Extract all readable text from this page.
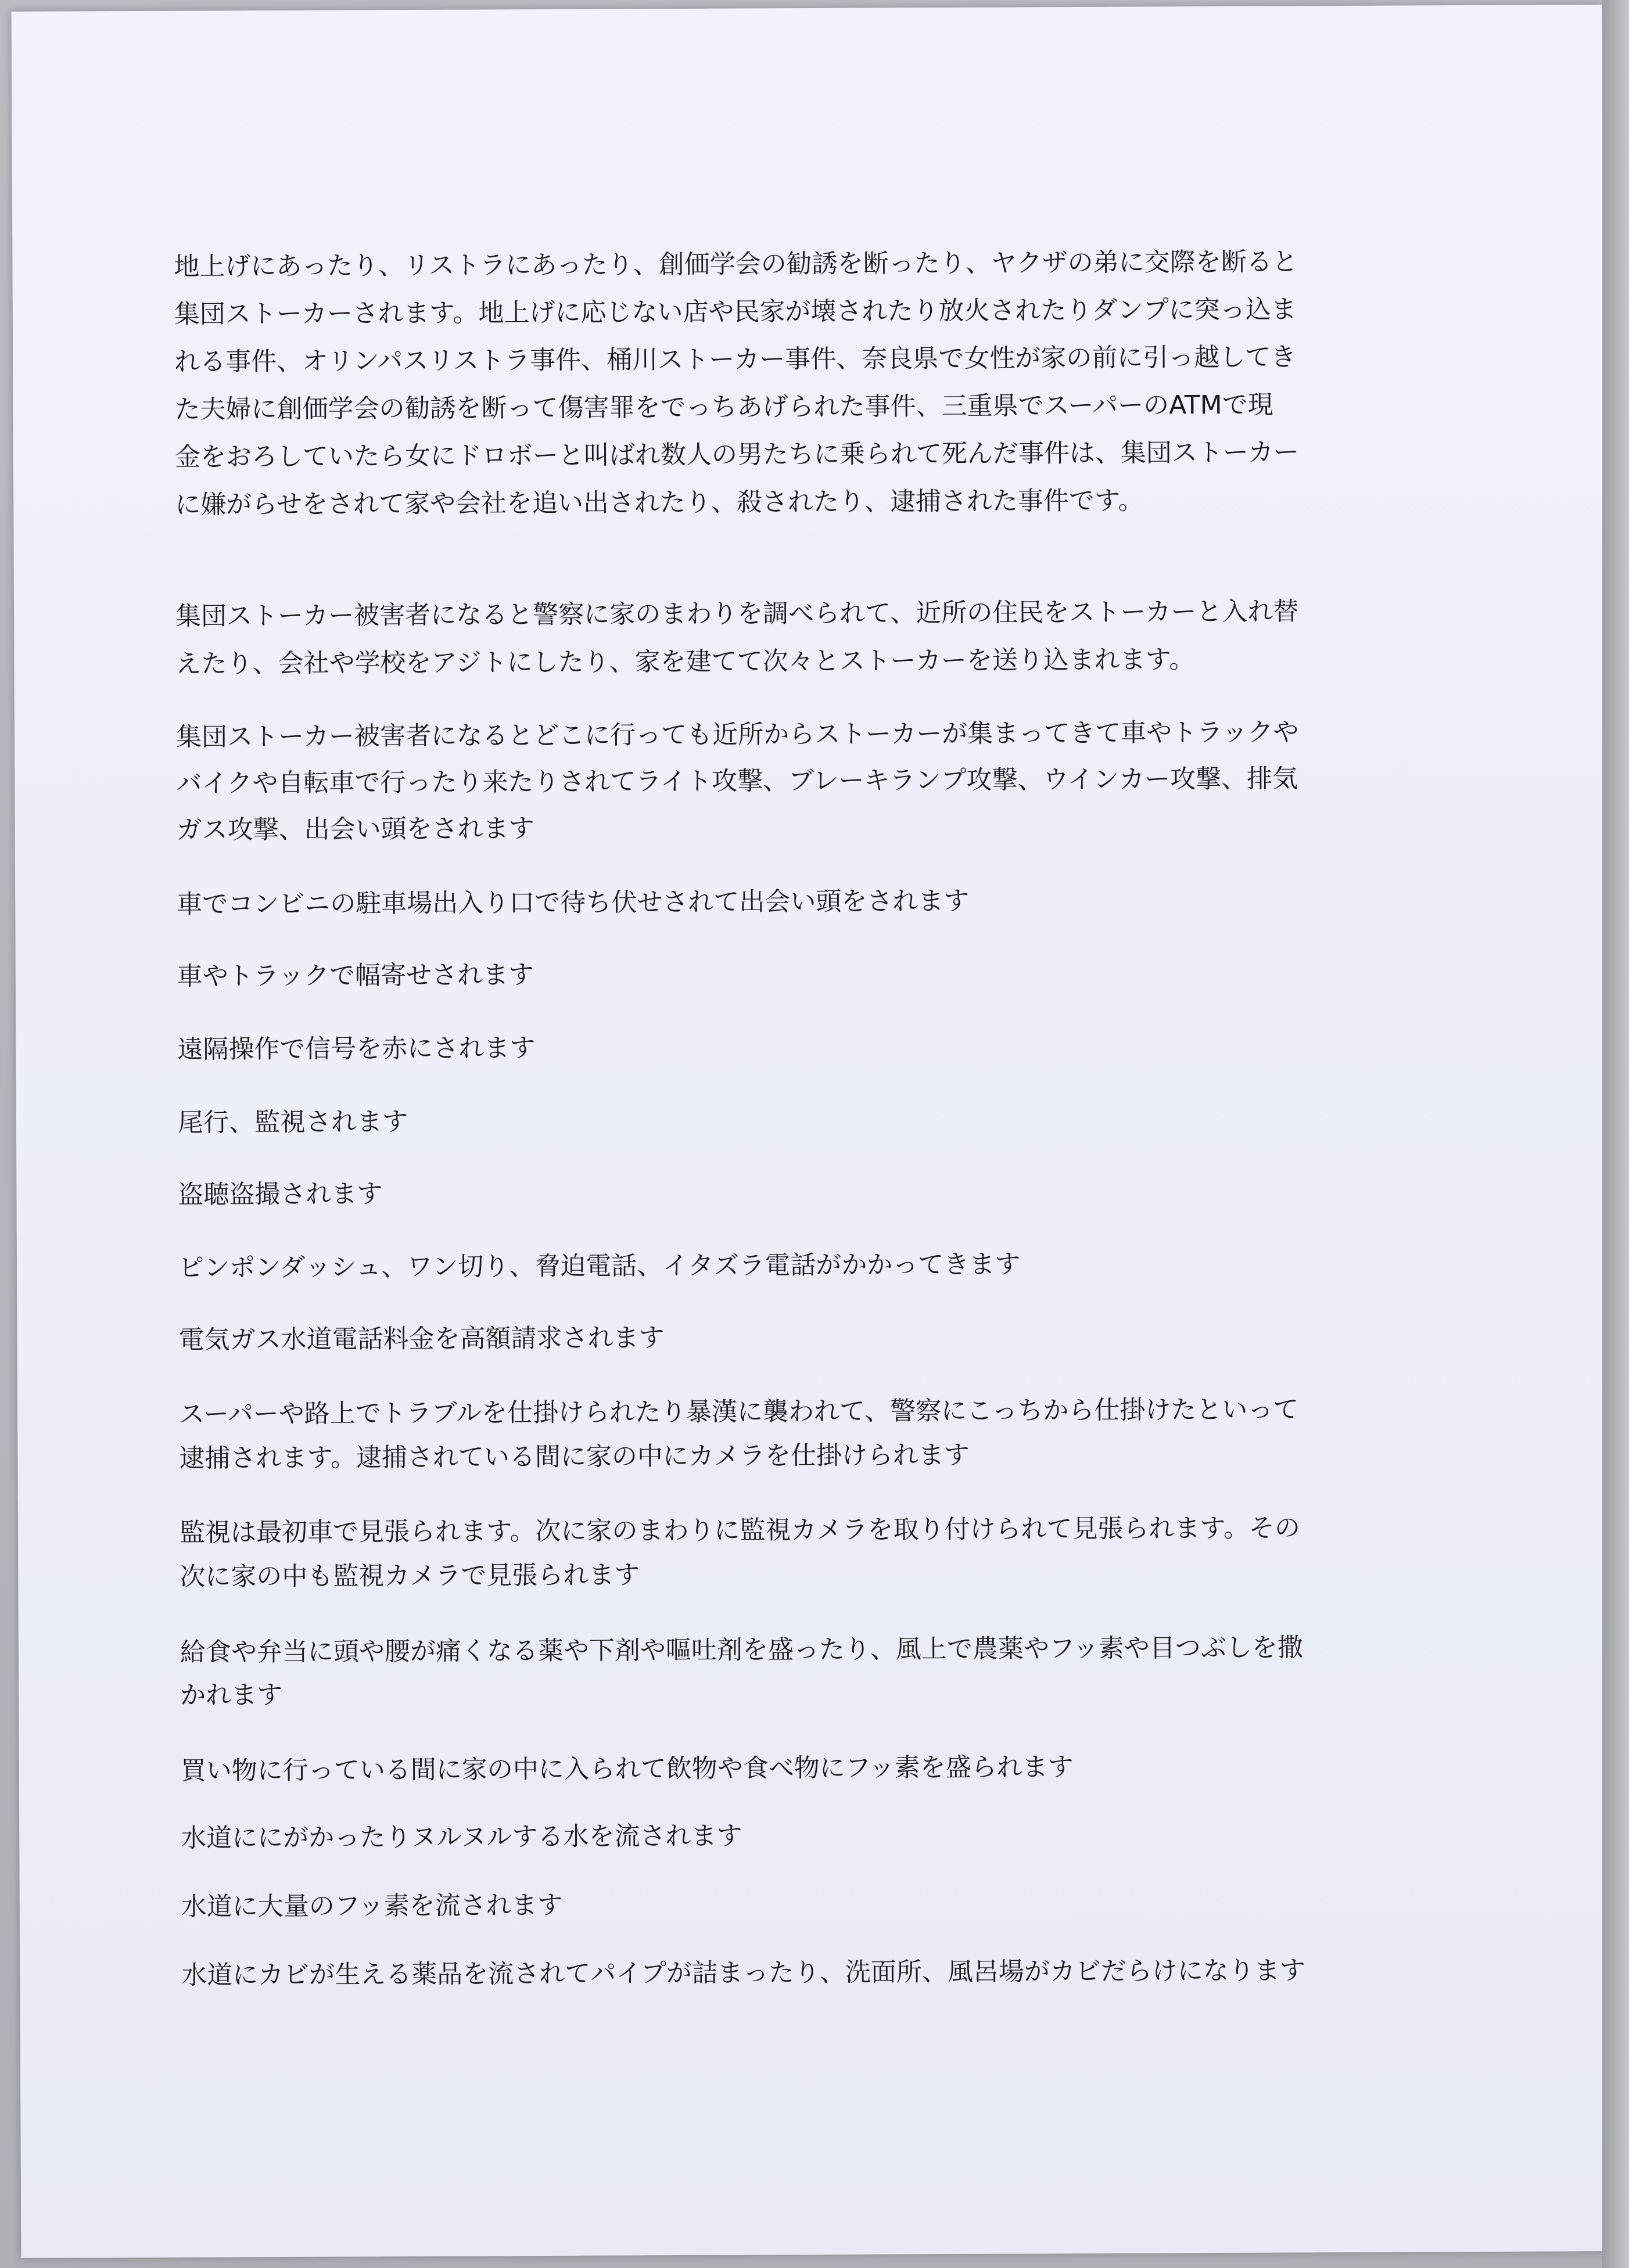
地上げにあったり、リストラにあったり、創価学会の勧誘を断ったり、ヤクザの弟に交際を断ると
集団ストーカーされます。地上げに応じない店や民家が壊されたり放火されたりダンプに突っ込ま
れる事件、オリンパスリストラ事件、桶川ストーカー事件、奈良県で女性が家の前に引っ越してき
た夫婦に創価学会の勧誘を断って傷害罪をでっちあげられた事件、三重県でスーパーのATMで現
金をおろしていたら女にドロボーと叫ばれ数人の男たちに乗られて死んだ事件は、集団ストーカー
に嫌がらせをされて家や会社を追い出されたり、殺されたり、逮捕された事件です。
集団ストーカー被害者になると警察に家のまわりを調べられて、近所の住民をストーカーと入れ替
えたり、会社や学校をアジトにしたり、家を建てて次々とストーカーを送り込まれます。
集団ストーカー被害者になるとどこに行っても近所からストーカーが集まってきて車やトラックや
バイクや自転車で行ったり来たりされてライト攻撃、ブレーキランプ攻撃、ウインカー攻撃、排気
ガス攻撃、出会い頭をされます
車でコンビニの駐車場出入り口で待ち伏せされて出会い頭をされます
車やトラックで幅寄せされます
遠隔操作で信号を赤にされます
尾行、監視されます
盗聴盗撮されます
ピンポンダッシュ、ワン切り、脅迫電話、イタズラ電話がかかってきます
電気ガス水道電話料金を高額請求されます
スーパーや路上でトラブルを仕掛けられたり暴漢に襲われて、警察にこっちから仕掛けたといって
逮捕されます。逮捕されている間に家の中にカメラを仕掛けられます
監視は最初車で見張られます。次に家のまわりに監視カメラを取り付けられて見張られます。その
次に家の中も監視カメラで見張られます
給食や弁当に頭や腰が痛くなる薬や下剤や嘔吐剤を盛ったり、風上で農薬やフッ素や目つぶしを撒
かれます
買い物に行っている間に家の中に入られて飲物や食べ物にフッ素を盛られます
水道ににがかったりヌルヌルする水を流されます
水道に大量のフッ素を流されます
水道にカビが生える薬品を流されてパイプが詰まったり、洗面所、風呂場がカビだらけになります
